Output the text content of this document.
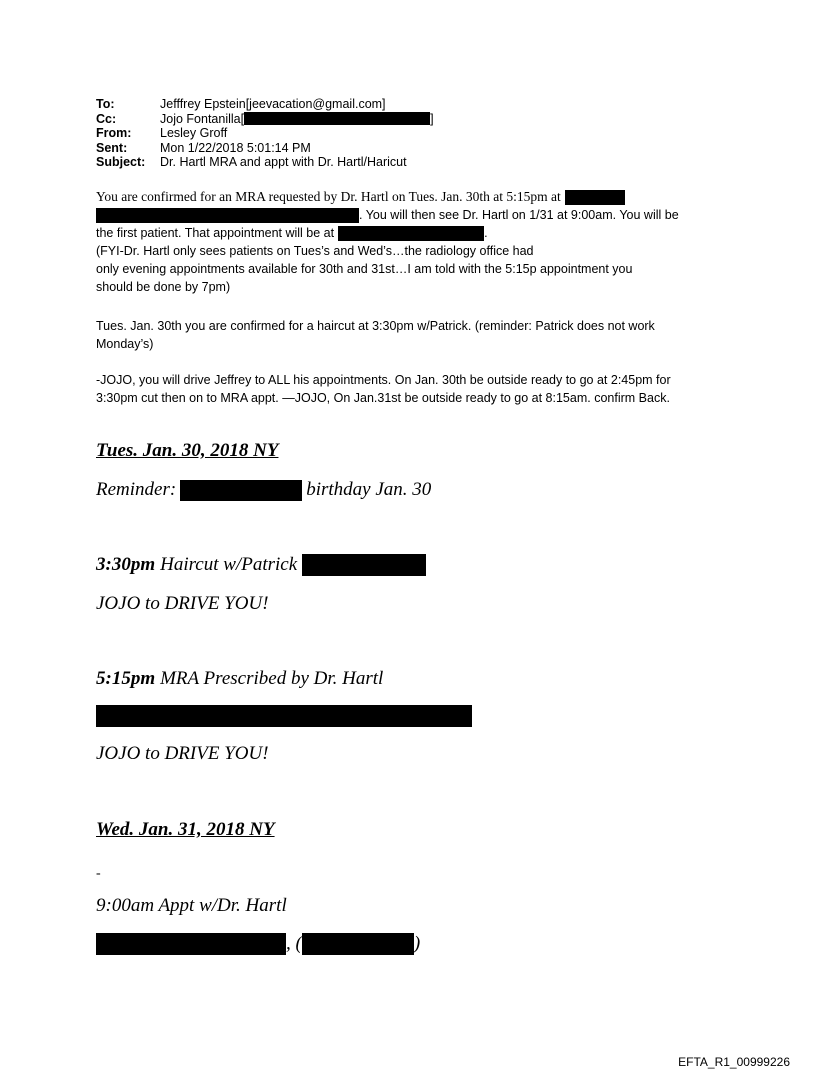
To:	Jefffrey Epstein[jeevacation@gmail.com]
Cc:	Jojo Fontanilla[	]
From:	Lesley Groff
Sent:	Mon 1/22/2018 5:01:14 PM
Subject:	Dr. Hartl MRA and appt with Dr. Hartl/Haricut
You are confirmed for an MRA requested by Dr. Hartl on Tues. Jan. 30th at 5:15pm at
. You will then see Dr. Hartl on 1/31 at 9:00am. You will be
the first patient. That appointment will be at	.
(FYI-Dr. Hartl only sees patients on Tues’s and Wed’s…the radiology office had
only evening appointments available for 30th and 31st…I am told with the 5:15p appointment you
should be done by 7pm)
Tues. Jan. 30th you are confirmed for a haircut at 3:30pm w/Patrick. (reminder: Patrick does not work
Monday’s)
-JOJO, you will drive Jeffrey to ALL his appointments. On Jan. 30th be outside ready to go at 2:45pm for
3:30pm cut then on to MRA appt. —JOJO, On Jan.31st be outside ready to go at 8:15am. confirm Back.
Tues. Jan. 30, 2018 NY
Reminder:	birthday Jan. 30
3:30pm Haircut w/Patrick
JOJO to DRIVE YOU!
5:15pm MRA Prescribed by Dr. Hartl
JOJO to DRIVE YOU!
Wed. Jan. 31, 2018 NY
-
9:00am Appt w/Dr. Hartl
, (	)
EFTA_R1_00999226
